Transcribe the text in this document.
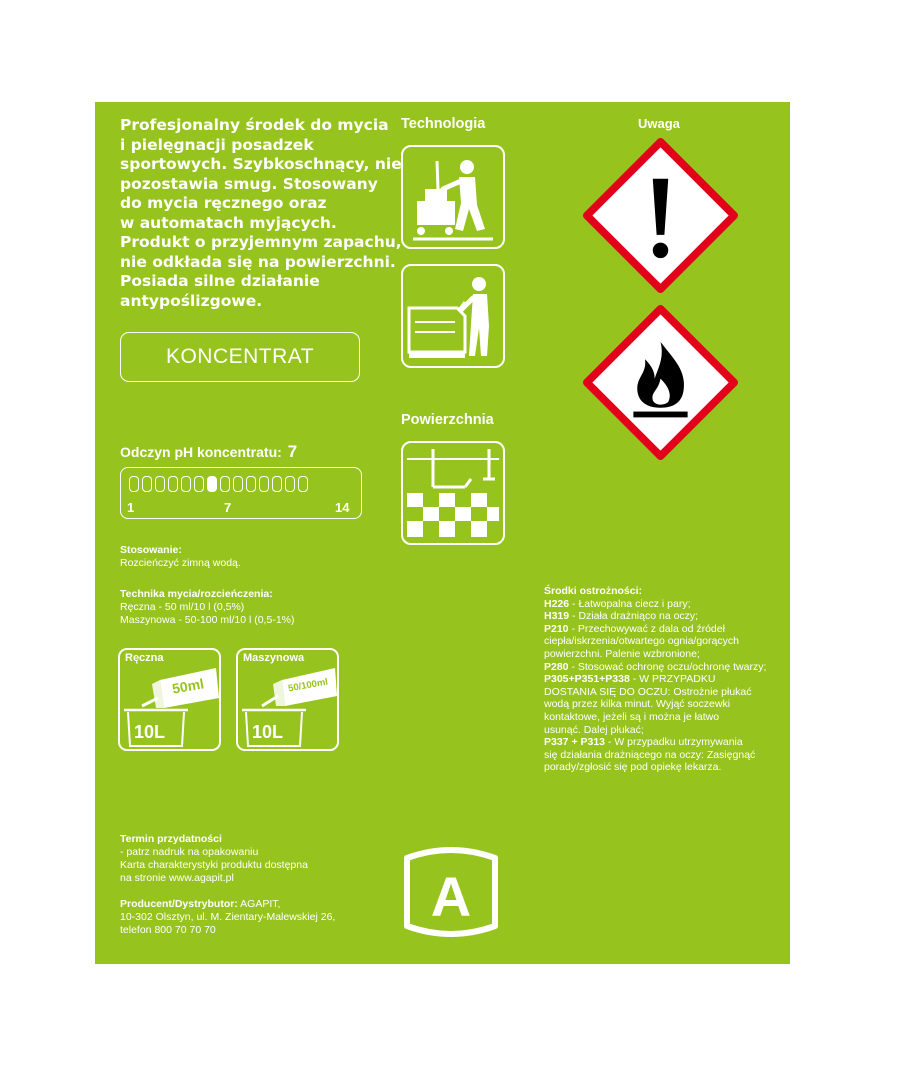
Profesjonalny środek do mycia
i pielęgnacji posadzek
sportowych. Szybkoschnący, nie
pozostawia smug. Stosowany
do mycia ręcznego oraz
w automatach myjących.
Produkt o przyjemnym zapachu,
nie odkłada się na powierzchni.
Posiada silne działanie
antypoślizgowe.
KONCENTRAT
Odczyn pH koncentratu: 7
1	7	14
Stosowanie:
Rozcieńczyć zimną wodą.
Technika mycia/rozcieńczenia:
Ręczna - 50 ml/10 l (0,5%)
Maszynowa - 50-100 ml/10 l (0,5-1%)
Ręczna
50ml
10L
Maszynowa
50/100ml
10L
Termin przydatności
- patrz nadruk na opakowaniu
Karta charakterystyki produktu dostępna
na stronie www.agapit.pl
Producent/Dystrybutor: AGAPIT,
10-302 Olsztyn, ul. M. Zientary-Malewskiej 26,
telefon 800 70 70 70
Technologia
Powierzchnia
Uwaga
Środki ostrożności:
H226 - Łatwopalna ciecz i pary;
H319 - Działa drażniąco na oczy;
P210 - Przechowywać z dala od źródeł
ciepła/iskrzenia/otwartego ognia/gorących
powierzchni. Palenie wzbronione;
P280 - Stosować ochronę oczu/ochronę twarzy;
P305+P351+P338 - W PRZYPADKU
DOSTANIA SIĘ DO OCZU: Ostrożnie płukać
wodą przez kilka minut. Wyjąć soczewki
kontaktowe, jeżeli są i można je łatwo
usunąć. Dalej płukać;
P337 + P313 - W przypadku utrzymywania
się działania drażniącego na oczy: Zasięgnąć
porady/zgłosić się pod opiekę lekarza.
A
